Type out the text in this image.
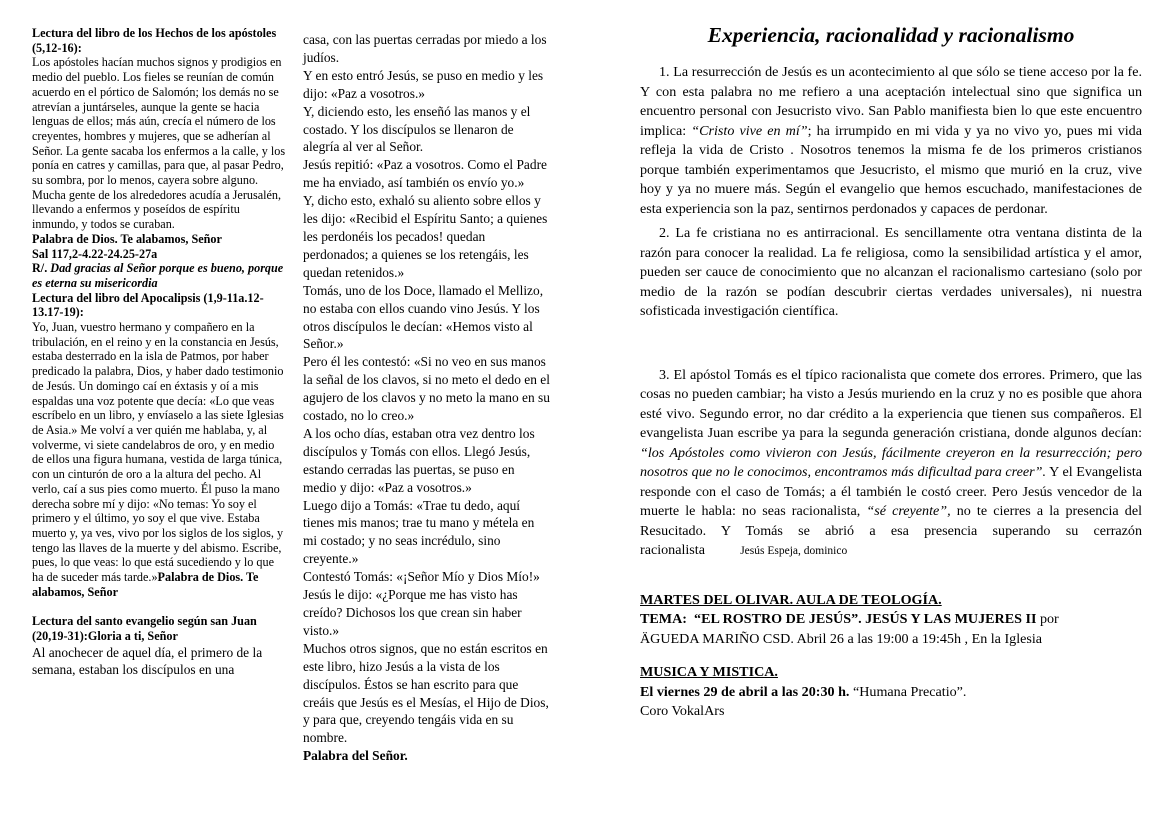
Lectura del libro de los Hechos de los apóstoles (5,12-16):

Los apóstoles hacían muchos signos y prodigios en medio del pueblo. Los fieles se reunían de común acuerdo en el pórtico de Salomón; los demás no se atrevían a juntárseles, aunque la gente se hacia lenguas de ellos; más aún, crecía el número de los creyentes, hombres y mujeres, que se adherían al Señor. La gente sacaba los enfermos a la calle, y los ponía en catres y camillas, para que, al pasar Pedro, su sombra, por lo menos, cayera sobre alguno. Mucha gente de los alrededores acudía a Jerusalén, llevando a enfermos y poseídos de espíritu inmundo, y todos se curaban.

Palabra de Dios. Te alabamos, Señor

Sal 117,2-4.22-24.25-27a

R/. Dad gracias al Señor porque es bueno, porque es eterna su misericordia

Lectura del libro del Apocalipsis (1,9-11a.12-13.17-19):

Yo, Juan, vuestro hermano y compañero en la tribulación, en el reino y en la constancia en Jesús, estaba desterrado en la isla de Patmos, por haber predicado la palabra, Dios, y haber dado testimonio de Jesús. Un domingo caí en éxtasis y oí a mis espaldas una voz potente que decía: «Lo que veas escríbelo en un libro, y envíaselo a las siete Iglesias de Asia.» Me volví a ver quién me hablaba, y, al volverme, vi siete candelabros de oro, y en medio de ellos una figura humana, vestida de larga túnica, con un cinturón de oro a la altura del pecho. Al verlo, caí a sus pies como muerto. Él puso la mano derecha sobre mí y dijo: «No temas: Yo soy el primero y el último, yo soy el que vive. Estaba muerto y, ya ves, vivo por los siglos de los siglos, y tengo las llaves de la muerte y del abismo. Escribe, pues, lo que veas: lo que está sucediendo y lo que ha de suceder más tarde.»Palabra de Dios. Te alabamos, Señor

Lectura del santo evangelio según san Juan (20,19-31):Gloria a ti, Señor

Al anochecer de aquel día, el primero de la semana, estaban los discípulos en una

casa, con las puertas cerradas por miedo a los judíos.
Y en esto entró Jesús, se puso en medio y les dijo: «Paz a vosotros.»
Y, diciendo esto, les enseñó las manos y el costado. Y los discípulos se llenaron de alegría al ver al Señor.
Jesús repitió: «Paz a vosotros. Como el Padre me ha enviado, así también os envío yo.»
Y, dicho esto, exhaló su aliento sobre ellos y les dijo: «Recibid el Espíritu Santo; a quienes les perdonéis los pecados! quedan perdonados; a quienes se los retengáis, les quedan retenidos.»
Tomás, uno de los Doce, llamado el Mellizo, no estaba con ellos cuando vino Jesús. Y los otros discípulos le decían: «Hemos visto al Señor.»
Pero él les contestó: «Si no veo en sus manos la señal de los clavos, si no meto el dedo en el agujero de los clavos y no meto la mano en su costado, no lo creo.»
A los ocho días, estaban otra vez dentro los discípulos y Tomás con ellos. Llegó Jesús, estando cerradas las puertas, se puso en medio y dijo: «Paz a vosotros.»
Luego dijo a Tomás: «Trae tu dedo, aquí tienes mis manos; trae tu mano y métela en mi costado; y no seas incrédulo, sino creyente.»
Contestó Tomás: «¡Señor Mío y Dios Mío!»
Jesús le dijo: «¿Porque me has visto has creído? Dichosos los que crean sin haber visto.»
Muchos otros signos, que no están escritos en este libro, hizo Jesús a la vista de los discípulos. Éstos se han escrito para que creáis que Jesús es el Mesías, el Hijo de Dios, y para que, creyendo tengáis vida en su nombre.

Palabra del Señor.

Experiencia, racionalidad y racionalismo

1. La resurrección de Jesús es un acontecimiento al que sólo se tiene acceso por la fe. Y con esta palabra no me refiero a una aceptación intelectual sino que significa un encuentro personal con Jesucristo vivo. San Pablo manifiesta bien lo que este encuentro implica: “Cristo vive en mí”; ha irrumpido en mi vida y ya no vivo yo, pues mi vida refleja la vida de Cristo . Nosotros tenemos la misma fe de los primeros cristianos porque también experimentamos que Jesucristo, el mismo que murió en la cruz, vive hoy y ya no muere más. Según el evangelio que hemos escuchado, manifestaciones de esta experiencia son la paz, sentirnos perdonados y capaces de perdonar.

2. La fe cristiana no es antirracional. Es sencillamente otra ventana distinta de la razón para conocer la realidad. La fe religiosa, como la sensibilidad artística y el amor, pueden ser cauce de conocimiento que no alcanzan el racionalismo cartesiano (solo por medio de la razón se podían descubrir ciertas verdades universales), ni nuestra sofisticada investigación científica.

3. El apóstol Tomás es el típico racionalista que comete dos errores. Primero, que las cosas no pueden cambiar; ha visto a Jesús muriendo en la cruz y no es posible que ahora esté vivo. Segundo error, no dar crédito a la experiencia que tienen sus compañeros. El evangelista Juan escribe ya para la segunda generación cristiana, donde algunos decían: “los Apóstoles como vivieron con Jesús, fácilmente creyeron en la resurrección; pero nosotros que no le conocimos, encontramos más dificultad para creer”. Y el Evangelista responde con el caso de Tomás; a él también le costó creer. Pero Jesús vencedor de la muerte le habla: no seas racionalista, “sé creyente”, no te cierres a la presencia del Resucitado. Y Tomás se abrió a esa presencia superando su cerrazón racionalista	Jesús Espeja, dominico

MARTES DEL OLIVAR. AULA DE TEOLOGÍA.

TEMA: “EL ROSTRO DE JESÚS”. JESÚS Y LAS MUJERES II por

ÄGUEDA MARIÑO CSD. Abril 26 a las 19:00 a 19:45h , En la Iglesia

MUSICA Y MISTICA.

El viernes 29 de abril a las 20:30 h. “Humana Precatio”.

Coro VokalArs
